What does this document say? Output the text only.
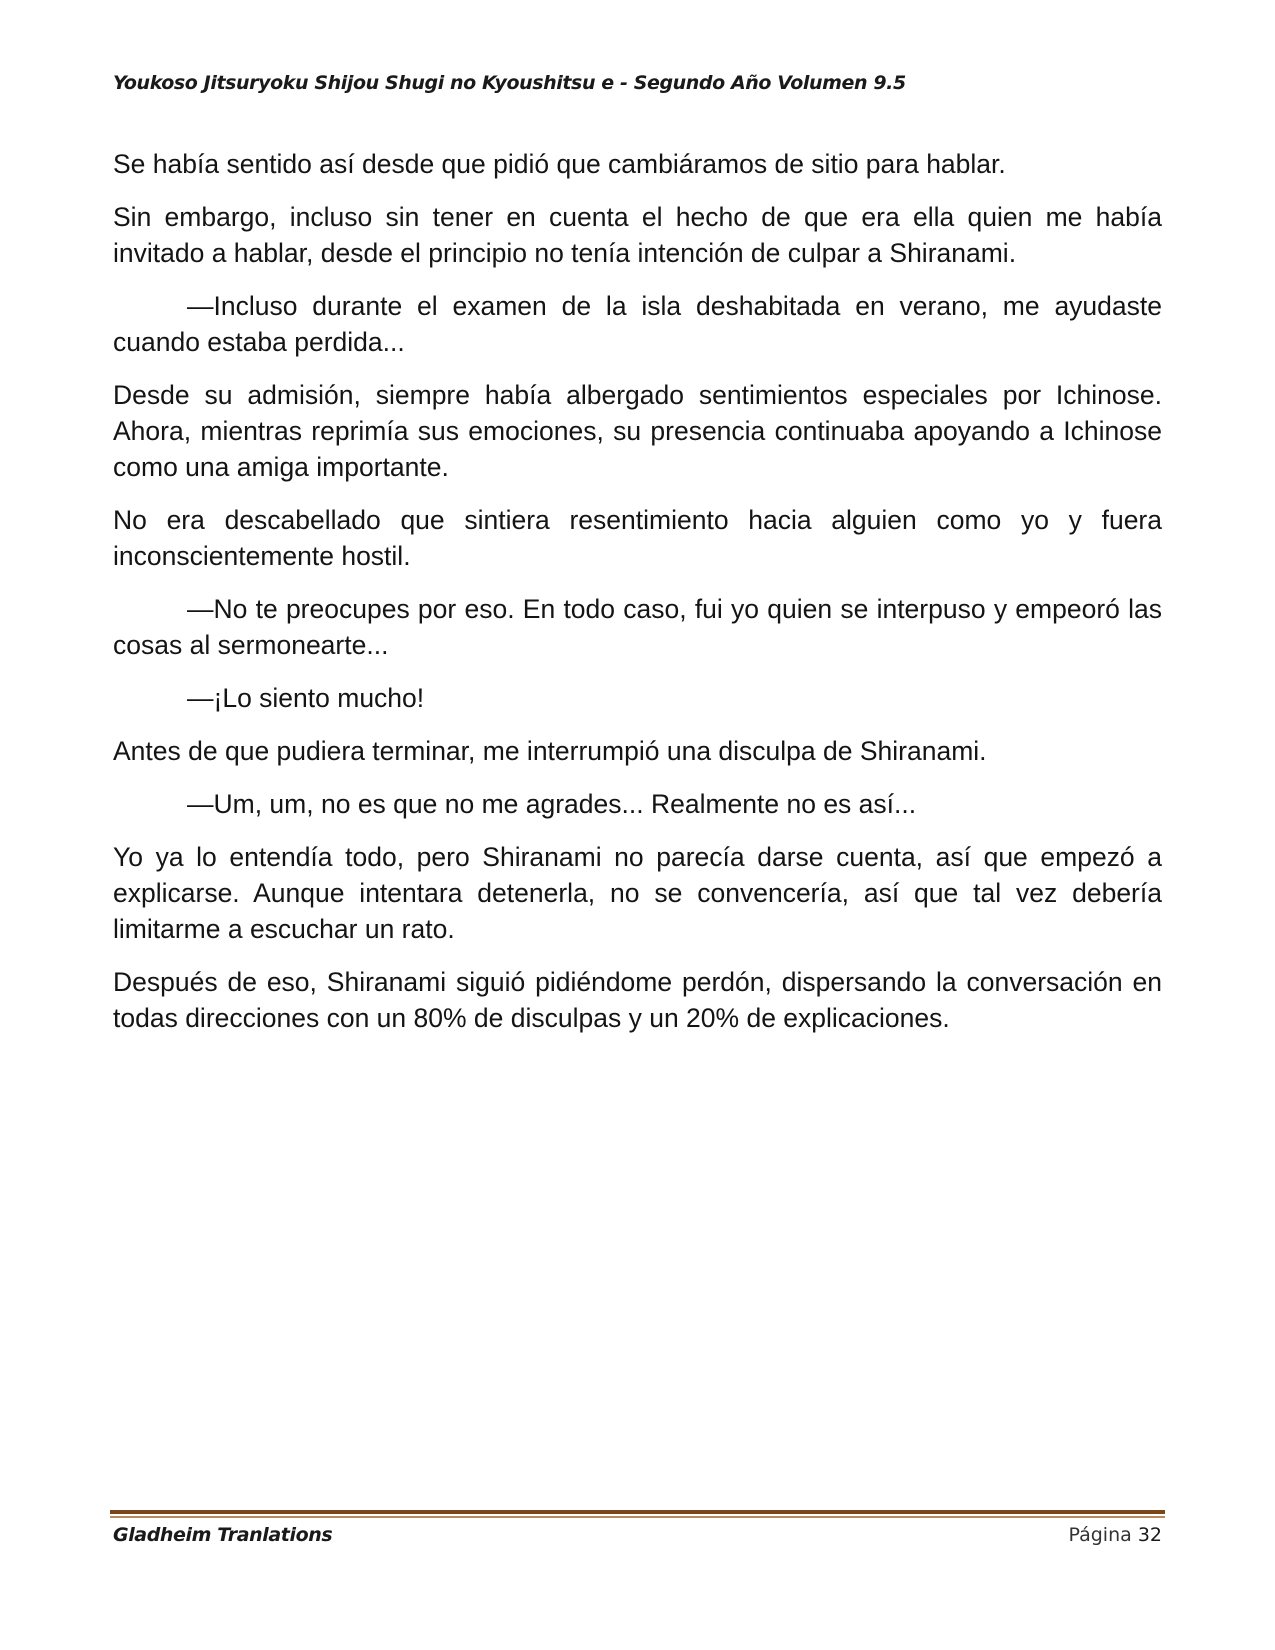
Youkoso Jitsuryoku Shijou Shugi no Kyoushitsu e - Segundo Año Volumen 9.5

Se había sentido así desde que pidió que cambiáramos de sitio para hablar.

Sin embargo, incluso sin tener en cuenta el hecho de que era ella quien me había invitado a hablar, desde el principio no tenía intención de culpar a Shiranami.

—Incluso durante el examen de la isla deshabitada en verano, me ayudaste cuando estaba perdida...

Desde su admisión, siempre había albergado sentimientos especiales por Ichinose. Ahora, mientras reprimía sus emociones, su presencia continuaba apoyando a Ichinose como una amiga importante.

No era descabellado que sintiera resentimiento hacia alguien como yo y fuera inconscientemente hostil.

—No te preocupes por eso. En todo caso, fui yo quien se interpuso y empeoró las cosas al sermonearte...

—¡Lo siento mucho!

Antes de que pudiera terminar, me interrumpió una disculpa de Shiranami.

—Um, um, no es que no me agrades... Realmente no es así...

Yo ya lo entendía todo, pero Shiranami no parecía darse cuenta, así que empezó a explicarse. Aunque intentara detenerla, no se convencería, así que tal vez debería limitarme a escuchar un rato.

Después de eso, Shiranami siguió pidiéndome perdón, dispersando la conversación en todas direcciones con un 80% de disculpas y un 20% de explicaciones.

Gladheim Tranlations	Página 32
